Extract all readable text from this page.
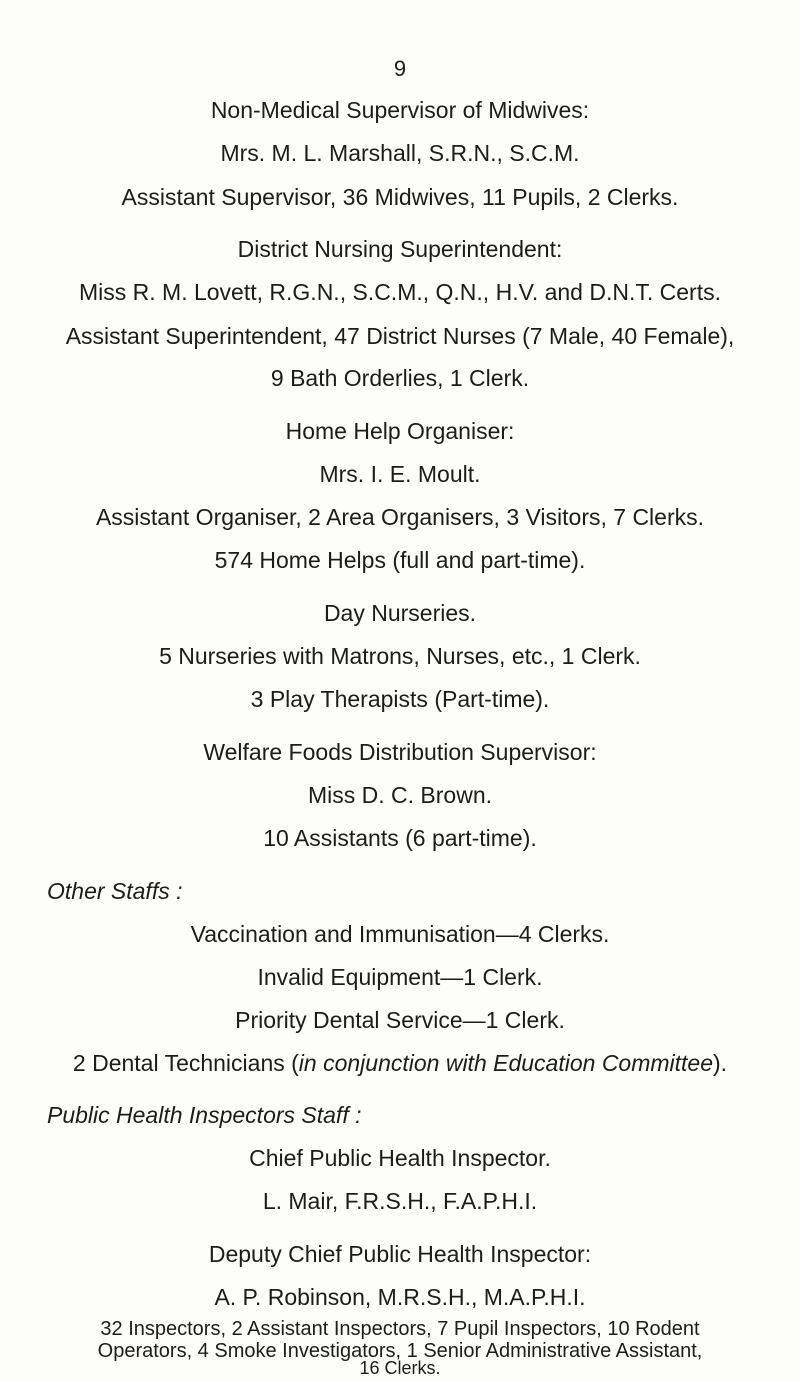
9
Non-Medical Supervisor of Midwives:
Mrs. M. L. Marshall, S.R.N., S.C.M.
Assistant Supervisor, 36 Midwives, 11 Pupils, 2 Clerks.
District Nursing Superintendent:
Miss R. M. Lovett, R.G.N., S.C.M., Q.N., H.V. and D.N.T. Certs.
Assistant Superintendent, 47 District Nurses (7 Male, 40 Female),
9 Bath Orderlies, 1 Clerk.
Home Help Organiser:
Mrs. I. E. Moult.
Assistant Organiser, 2 Area Organisers, 3 Visitors, 7 Clerks.
574 Home Helps (full and part-time).
Day Nurseries.
5 Nurseries with Matrons, Nurses, etc., 1 Clerk.
3 Play Therapists (Part-time).
Welfare Foods Distribution Supervisor:
Miss D. C. Brown.
10 Assistants (6 part-time).
Other Staffs :
Vaccination and Immunisation—4 Clerks.
Invalid Equipment—1 Clerk.
Priority Dental Service—1 Clerk.
2 Dental Technicians (in conjunction with Education Committee).
Public Health Inspectors Staff :
Chief Public Health Inspector.
L. Mair, F.R.S.H., F.A.P.H.I.
Deputy Chief Public Health Inspector:
A. P. Robinson, M.R.S.H., M.A.P.H.I.
32 Inspectors, 2 Assistant Inspectors, 7 Pupil Inspectors, 10 Rodent
Operators, 4 Smoke Investigators, 1 Senior Administrative Assistant,
16 Clerks.
